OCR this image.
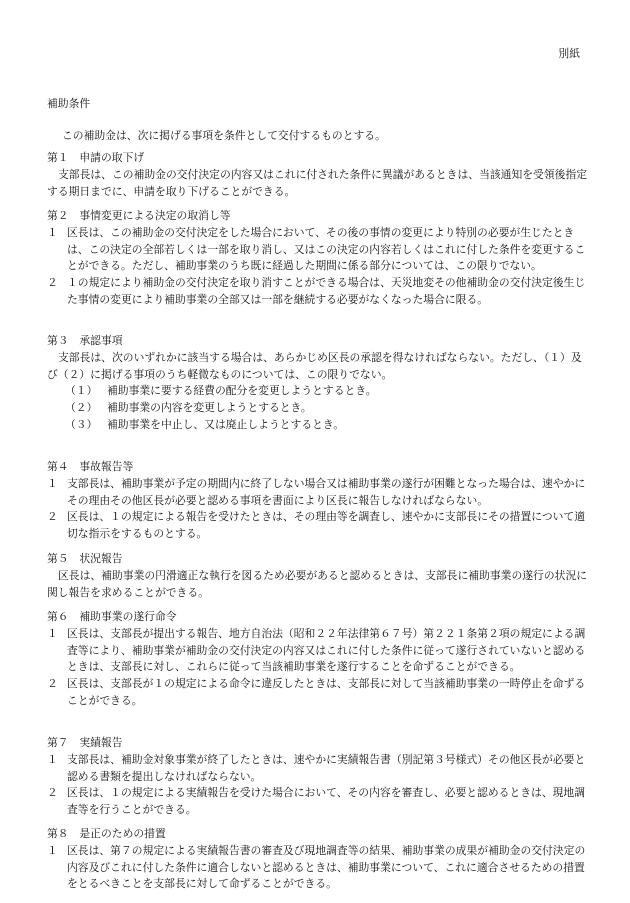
別紙
補助条件
この補助金は、次に掲げる事項を条件として交付するものとする。
第１　申請の取下げ
支部長は、この補助金の交付決定の内容又はこれに付された条件に異議があるときは、当該通知を受領後指定する期日までに、申請を取り下げることができる。
第２　事情変更による決定の取消し等
１ 区長は、この補助金の交付決定をした場合において、その後の事情の変更により特別の必要が生じたときは、この決定の全部若しくは一部を取り消し、又はこの決定の内容若しくはこれに付した条件を変更することができる。ただし、補助事業のうち既に経過した期間に係る部分については、この限りでない。
２ １の規定により補助金の交付決定を取り消すことができる場合は、天災地変その他補助金の交付決定後生じた事情の変更により補助事業の全部又は一部を継続する必要がなくなった場合に限る。
第３　承認事項
支部長は、次のいずれかに該当する場合は、あらかじめ区長の承認を得なければならない。ただし、（１）及び（２）に掲げる事項のうち軽微なものについては、この限りでない。
（１） 補助事業に要する経費の配分を変更しようとするとき。
（２） 補助事業の内容を変更しようとするとき。
（３） 補助事業を中止し、又は廃止しようとするとき。
第４　事故報告等
１ 支部長は、補助事業が予定の期間内に終了しない場合又は補助事業の遂行が困難となった場合は、速やかにその理由その他区長が必要と認める事項を書面により区長に報告しなければならない。
２ 区長は、１の規定による報告を受けたときは、その理由等を調査し、速やかに支部長にその措置について適切な指示をするものとする。
第５　状況報告
区長は、補助事業の円滑適正な執行を図るため必要があると認めるときは、支部長に補助事業の遂行の状況に関し報告を求めることができる。
第６　補助事業の遂行命令
１ 区長は、支部長が提出する報告、地方自治法（昭和２２年法律第６７号）第２２１条第２項の規定による調査等により、補助事業が補助金の交付決定の内容又はこれに付した条件に従って遂行されていないと認めるときは、支部長に対し、これらに従って当該補助事業を遂行することを命ずることができる。
２ 区長は、支部長が１の規定による命令に違反したときは、支部長に対して当該補助事業の一時停止を命ずることができる。
第７　実績報告
１ 支部長は、補助金対象事業が終了したときは、速やかに実績報告書（別記第３号様式）その他区長が必要と認める書類を提出しなければならない。
２ 区長は、１の規定による実績報告を受けた場合において、その内容を審査し、必要と認めるときは、現地調査等を行うことができる。
第８　是正のための措置
１ 区長は、第７の規定による実績報告書の審査及び現地調査等の結果、補助事業の成果が補助金の交付決定の内容及びこれに付した条件に適合しないと認めるときは、補助事業について、これに適合させるための措置をとるべきことを支部長に対して命ずることができる。
